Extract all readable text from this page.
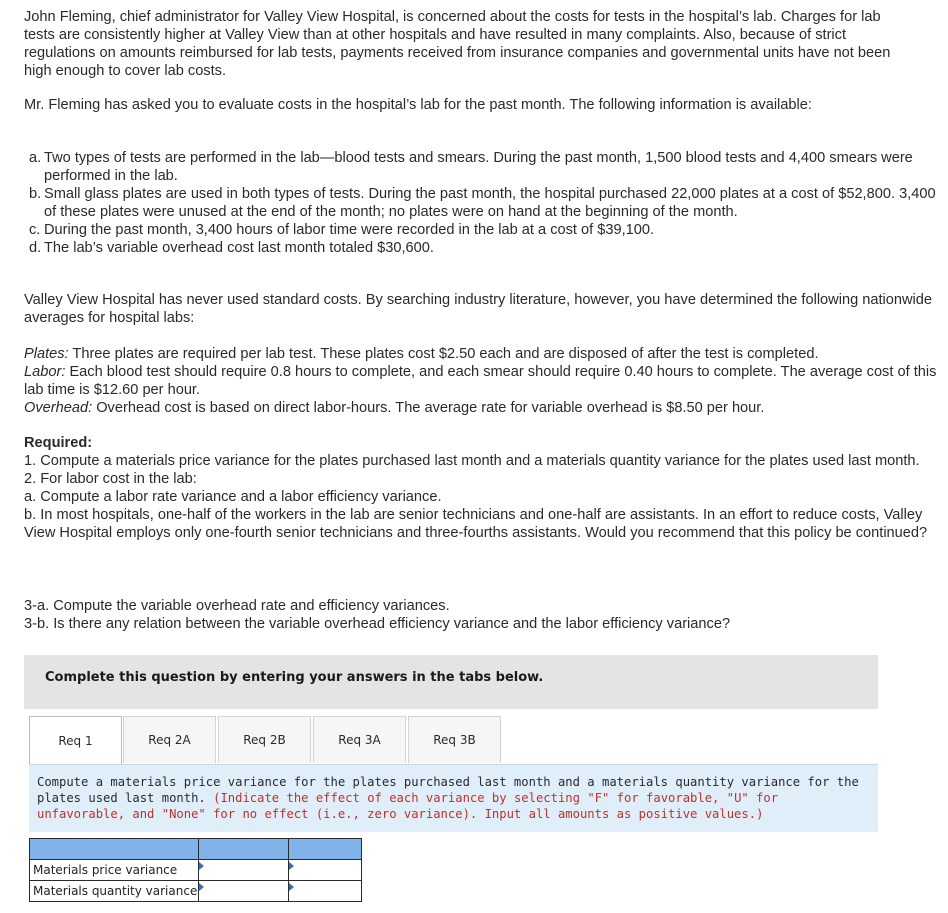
John Fleming, chief administrator for Valley View Hospital, is concerned about the costs for tests in the hospital’s lab. Charges for lab
tests are consistently higher at Valley View than at other hospitals and have resulted in many complaints. Also, because of strict
regulations on amounts reimbursed for lab tests, payments received from insurance companies and governmental units have not been
high enough to cover lab costs.

Mr. Fleming has asked you to evaluate costs in the hospital’s lab for the past month. The following information is available:

a. Two types of tests are performed in the lab—blood tests and smears. During the past month, 1,500 blood tests and 4,400 smears were performed in the lab.
b. Small glass plates are used in both types of tests. During the past month, the hospital purchased 22,000 plates at a cost of $52,800. 3,400 of these plates were unused at the end of the month; no plates were on hand at the beginning of the month.
c. During the past month, 3,400 hours of labor time were recorded in the lab at a cost of $39,100.
d. The lab’s variable overhead cost last month totaled $30,600.

Valley View Hospital has never used standard costs. By searching industry literature, however, you have determined the following nationwide averages for hospital labs:

Plates: Three plates are required per lab test. These plates cost $2.50 each and are disposed of after the test is completed.
Labor: Each blood test should require 0.8 hours to complete, and each smear should require 0.40 hours to complete. The average cost of this lab time is $12.60 per hour.
Overhead: Overhead cost is based on direct labor-hours. The average rate for variable overhead is $8.50 per hour.
Required:
1. Compute a materials price variance for the plates purchased last month and a materials quantity variance for the plates used last month.
2. For labor cost in the lab:
a. Compute a labor rate variance and a labor efficiency variance.
b. In most hospitals, one-half of the workers in the lab are senior technicians and one-half are assistants. In an effort to reduce costs, Valley View Hospital employs only one-fourth senior technicians and three-fourths assistants. Would you recommend that this policy be continued?
3-a. Compute the variable overhead rate and efficiency variances.
3-b. Is there any relation between the variable overhead efficiency variance and the labor efficiency variance?
Complete this question by entering your answers in the tabs below.
Req 1	Req 2A	Req 2B	Req 3A	Req 3B
Compute a materials price variance for the plates purchased last month and a materials quantity variance for the plates used last month. (Indicate the effect of each variance by selecting "F" for favorable, "U" for unfavorable, and "None" for no effect (i.e., zero variance). Input all amounts as positive values.)

Materials price variance	

Materials quantity variance	
